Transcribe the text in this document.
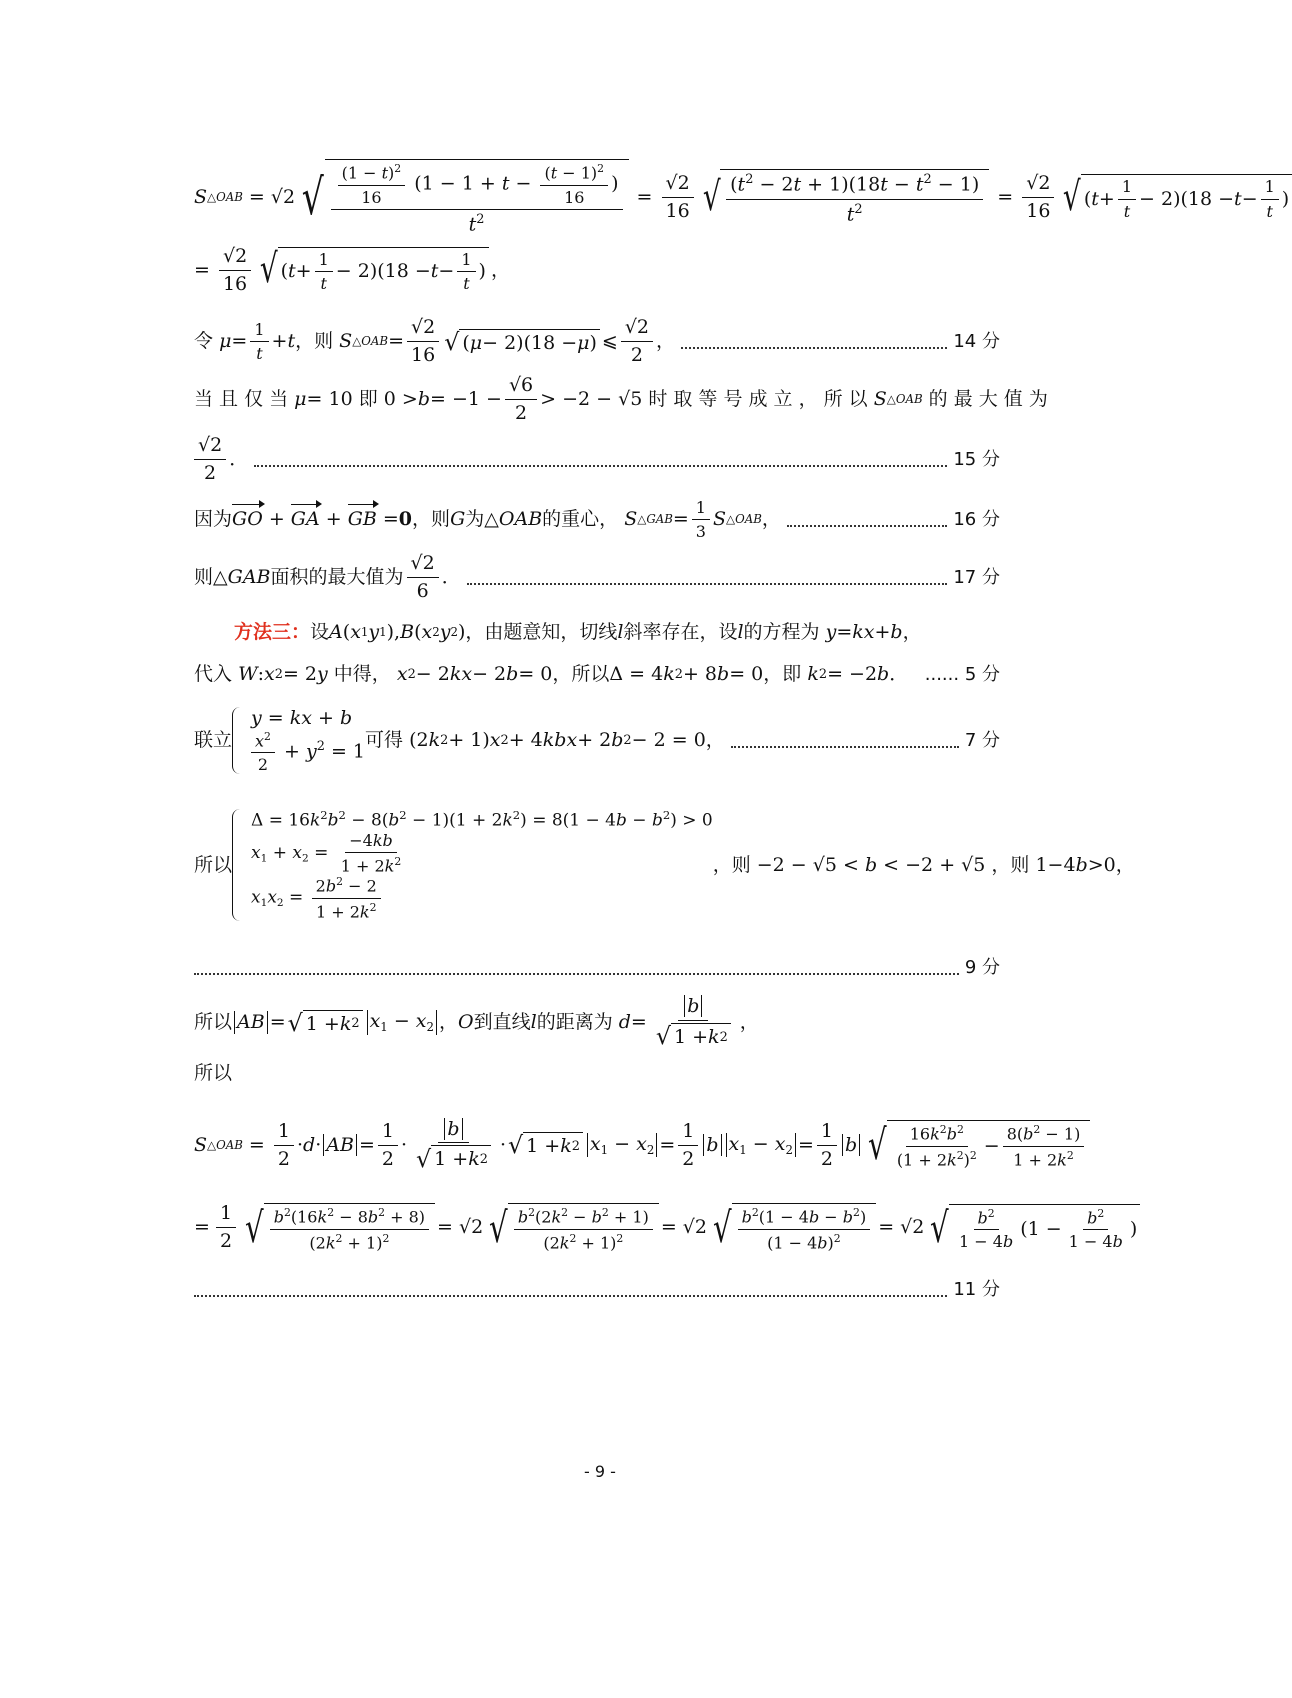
S △OAB = √2 √ $\frac{\frac{(1 - t)^2}{16} (1 - 1 + t - \frac{(t - 1)^2}{16} )}{t^2} = \frac{√2}{16}$ √ $\frac{(t^2 - 2t + 1)(18t - t^2 - 1)}{t^2} = \frac{√2}{16}$ √ ( $t + \frac{1}{t} - 2)(18 - t - \frac{1}{t}$ )
= $\frac{√2}{16}$ √ ( $t + \frac{1}{t} - 2)(18 - t - \frac{1}{t}$ ) ，
令
$\mu = \frac{1}{t} + t$ ， 则
S △OAB = $\frac{√2}{16}$ √ ( μ − 2)(18 − μ ) ⩽ $\frac{√2}{2}$ ，	14 分
当 且 仅 当
μ = 10 即 $0 > b = -1 - \frac{√6}{2} > -2 - √5$ 时 取 等 号 成 立 ， 所 以
S △OAB
的 最 大 值 为
$\frac{√2}{2}$ ．	15 分
因为 GO + GA + GB = 0 ， 则 G 为 △ OAB 的重心，
S △GAB = $\frac{1}{3}$ S △OAB ，	16 分
则 △ GAB 面积的最大值为 $\frac{√2}{6}$ ．	17 分
方法三： 设 A ( x 1 y 1 ), B ( x 2 y 2 ) ，由题意知，切线 l 斜率存在，设 l 的方程为
y = kx + b ，
代入
W : x 2 = 2 y
中得，
x 2 − 2 kx − 2 b = 0 ， 所以 Δ = 4 k 2 + 8 b = 0 ， 即
k 2 = −2 b ． ...... 5 分
联立
y = kx + b
$\frac{x^2}{2} + y^2 = 1$ 可得 (2 k 2 + 1) x 2 + 4 kbx + 2 b 2 − 2 = 0 ，	7 分
所以
$\Delta = 16k^2b^2 - 8(b^2 - 1)(1 + 2k^2) = 8(1 - 4b - b^2) > 0$
$x_1 + x_2 = \frac{-4kb}{1 + 2k^2}$
$x_1x_2 = \frac{2b^2 - 2}{1 + 2k^2}$
，则 −2 − √5 < b < −2 + √5 ，则 1−4b>0，
9 分
所以 AB = √ 1 + k 2 $x_1 - x_2$ ， O 到直线 l 的距离为
$d = \frac{b}{√ 1 + k 2}$ ，
所以
S △OAB = $\frac{1}{2} \cdot d$ · AB = $\frac{1}{2} \cdot \frac{b}{√ 1 + k 2}$ · √ 1 + k 2 $x_1 - x_2 = \frac{1}{2}$ b $x_1 - x_2 = \frac{1}{2}$ b √ $\frac{16k^2b^2}{(1 + 2k^2)^2} - \frac{8(b^2 - 1)}{1 + 2k^2}$
= $\frac{1}{2}$ √ $\frac{b^2(16k^2 - 8b^2 + 8)}{(2k^2 + 1)^2} = √2$ √ $\frac{b^2(2k^2 - b^2 + 1)}{(2k^2 + 1)^2} = √2$ √ $\frac{b^2(1 - 4b - b^2)}{(1 - 4b)^2} = √2$ √ $\frac{b^2}{1 - 4b} (1 - \frac{b^2}{1 - 4b}$ )
11 分
- 9 -
